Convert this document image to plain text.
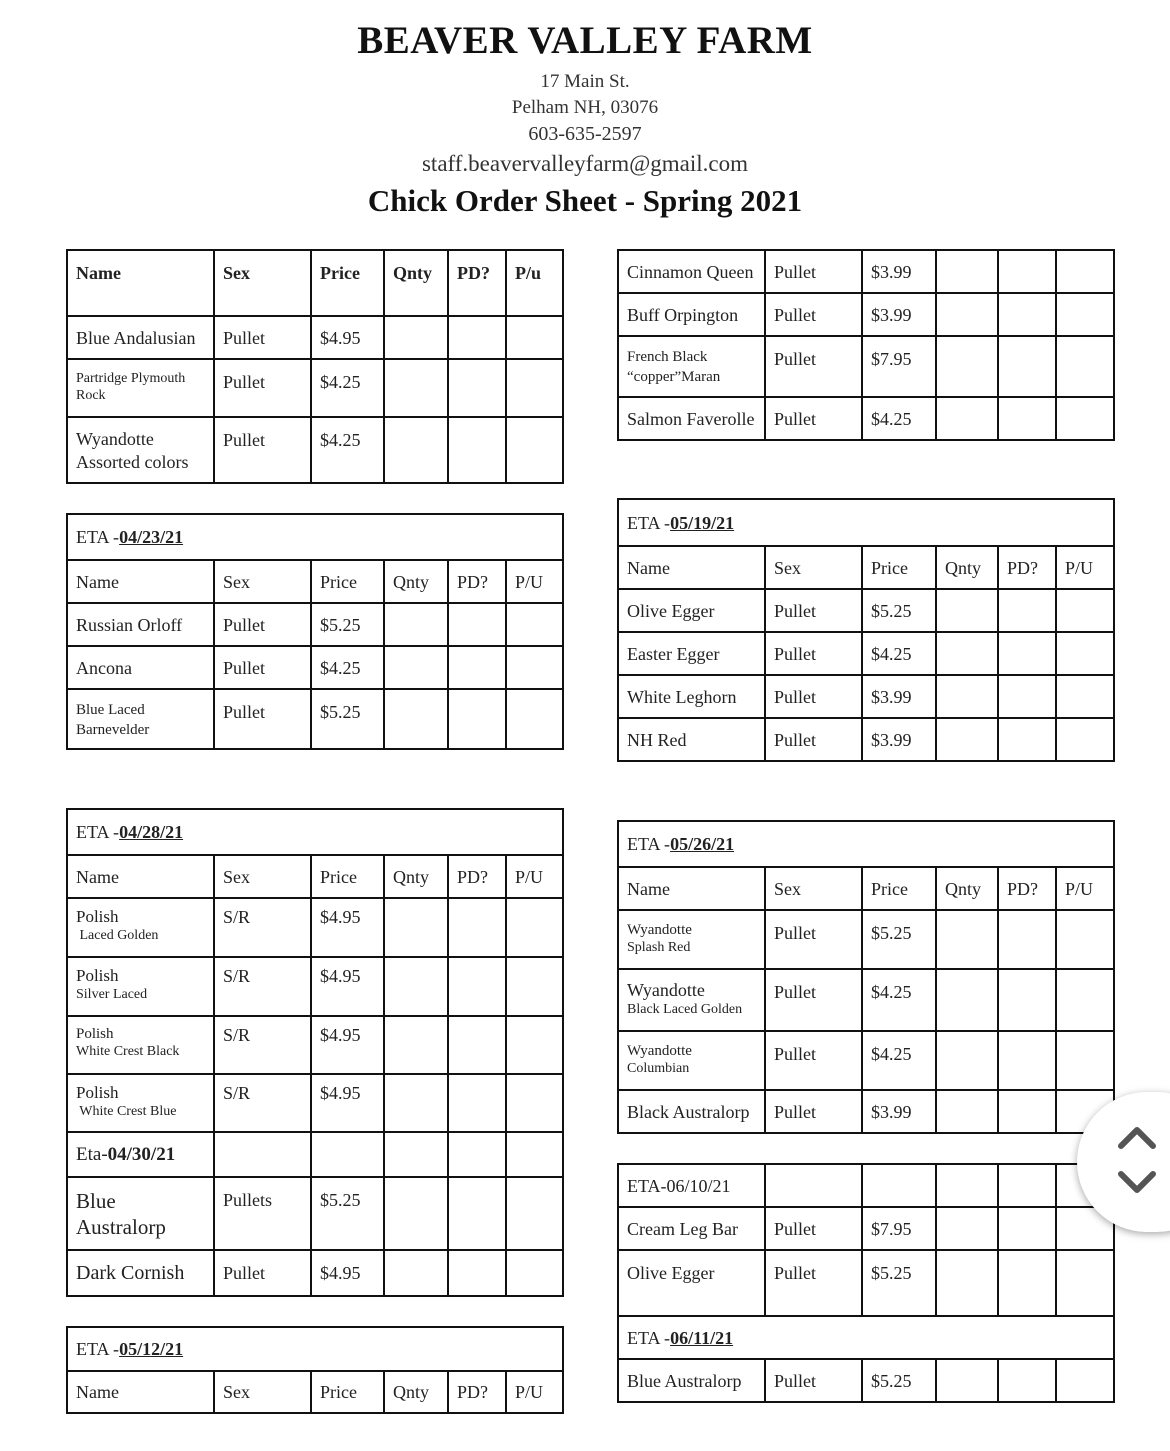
BEAVER VALLEY FARM
17 Main St.
Pelham NH, 03076
603-635-2597
staff.beavervalleyfarm@gmail.com
Chick Order Sheet - Spring 2021
Name	Sex	Price	Qnty	PD?	P/u
Blue Andalusian	Pullet	$4.95			

Partridge Plymouth
Rock	Pullet	$4.25			

Wyandotte
Assorted colors	Pullet	$4.25			
Cinnamon Queen	Pullet	$3.99			
Buff Orpington	Pullet	$3.99			

French Black
“copper”Maran	Pullet	$7.95			
Salmon Faverolle	Pullet	$4.25			
ETA -04/23/21					
Name	Sex	Price	Qnty	PD?	P/U
Russian Orloff	Pullet	$5.25			
Ancona	Pullet	$4.25			

Blue Laced
Barnevelder	Pullet	$5.25			
ETA -05/19/21					
Name	Sex	Price	Qnty	PD?	P/U
Olive Egger	Pullet	$5.25			
Easter Egger	Pullet	$4.25			
White Leghorn	Pullet	$3.99			
NH Red	Pullet	$3.99			
ETA -04/28/21					
Name	Sex	Price	Qnty	PD?	P/U

Polish
Laced Golden	S/R	$4.95			

Polish
Silver Laced	S/R	$4.95			

Polish
White Crest Black	S/R	$4.95			

Polish
White Crest Blue	S/R	$4.95			
Eta-04/30/21					

Blue
Australorp	Pullets	$5.25			
Dark Cornish	Pullet	$4.95			
ETA -05/26/21					
Name	Sex	Price	Qnty	PD?	P/U

Wyandotte
Splash Red	Pullet	$5.25			

Wyandotte
Black Laced Golden	Pullet	$4.25			

Wyandotte
Columbian	Pullet	$4.25			
Black Australorp	Pullet	$3.99			
ETA-06/10/21					
Cream Leg Bar	Pullet	$7.95			
Olive Egger	Pullet	$5.25			
ETA -06/11/21					
Blue Australorp	Pullet	$5.25			
ETA -05/12/21
Name	Sex	Price	Qnty	PD?	P/U
